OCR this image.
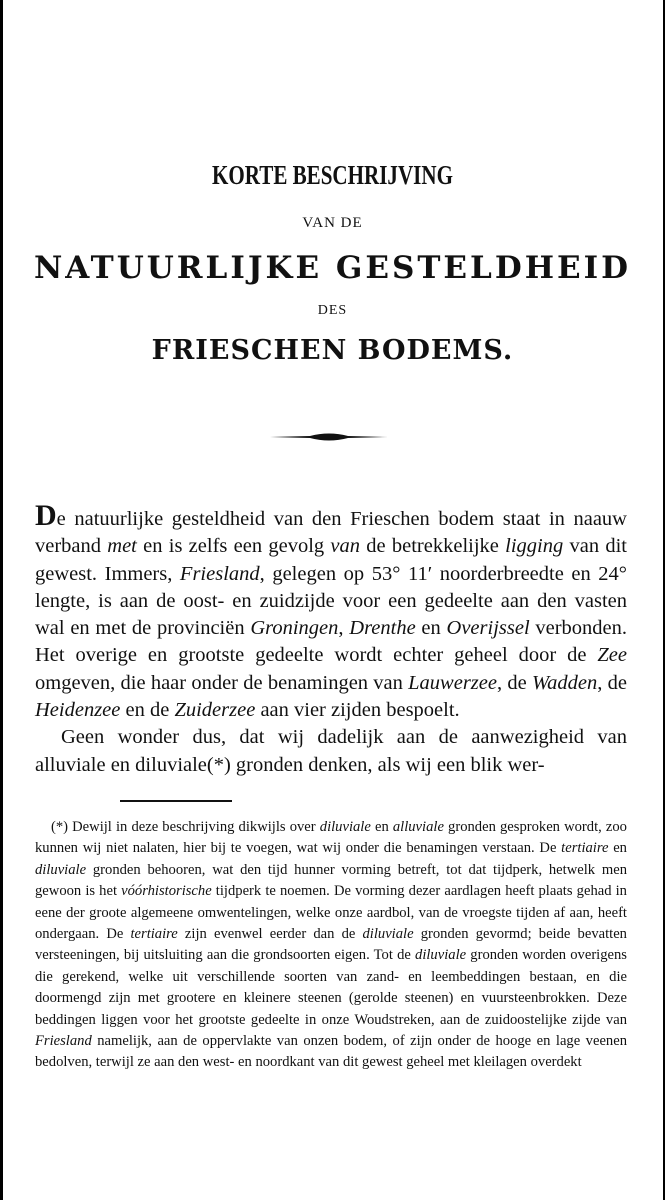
KORTE BESCHRIJVING
VAN DE
NATUURLIJKE GESTELDHEID
DES
FRIESCHEN BODEMS.

De natuurlijke gesteldheid van den Frieschen bodem staat in naauw verband met en is zelfs een gevolg van de betrekkelijke ligging van dit gewest. Immers, Friesland, gelegen op 53° 11′ noorderbreedte en 24° lengte, is aan de oost- en zuidzijde voor een gedeelte aan den vasten wal en met de provinciën Groningen, Drenthe en Overijssel verbonden. Het overige en grootste gedeelte wordt echter geheel door de Zee omgeven, die haar onder de benamingen van Lauwerzee, de Wadden, de Heidenzee en de Zuiderzee aan vier zijden bespoelt.

Geen wonder dus, dat wij dadelijk aan de aanwezigheid van alluviale en diluviale(*) gronden denken, als wij een blik wer-

(*) Dewijl in deze beschrijving dikwijls over diluviale en alluviale gronden gesproken wordt, zoo kunnen wij niet nalaten, hier bij te voegen, wat wij onder die benamingen verstaan. De tertiaire en diluviale gronden behooren, wat den tijd hunner vorming betreft, tot dat tijdperk, hetwelk men gewoon is het vóórhistorische tijdperk te noemen. De vorming dezer aardlagen heeft plaats gehad in eene der groote algemeene omwentelingen, welke onze aardbol, van de vroegste tijden af aan, heeft ondergaan. De tertiaire zijn evenwel eerder dan de diluviale gronden gevormd; beide bevatten versteeningen, bij uitsluiting aan die grondsoorten eigen. Tot de diluviale gronden worden overigens die gerekend, welke uit verschillende soorten van zand- en leembeddingen bestaan, en die doormengd zijn met grootere en kleinere steenen (gerolde steenen) en vuursteenbrokken. Deze beddingen liggen voor het grootste gedeelte in onze Woudstreken, aan de zuidoostelijke zijde van Friesland namelijk, aan de oppervlakte van onzen bodem, of zijn onder de hooge en lage veenen bedolven, terwijl ze aan den west- en noordkant van dit gewest geheel met kleilagen overdekt
